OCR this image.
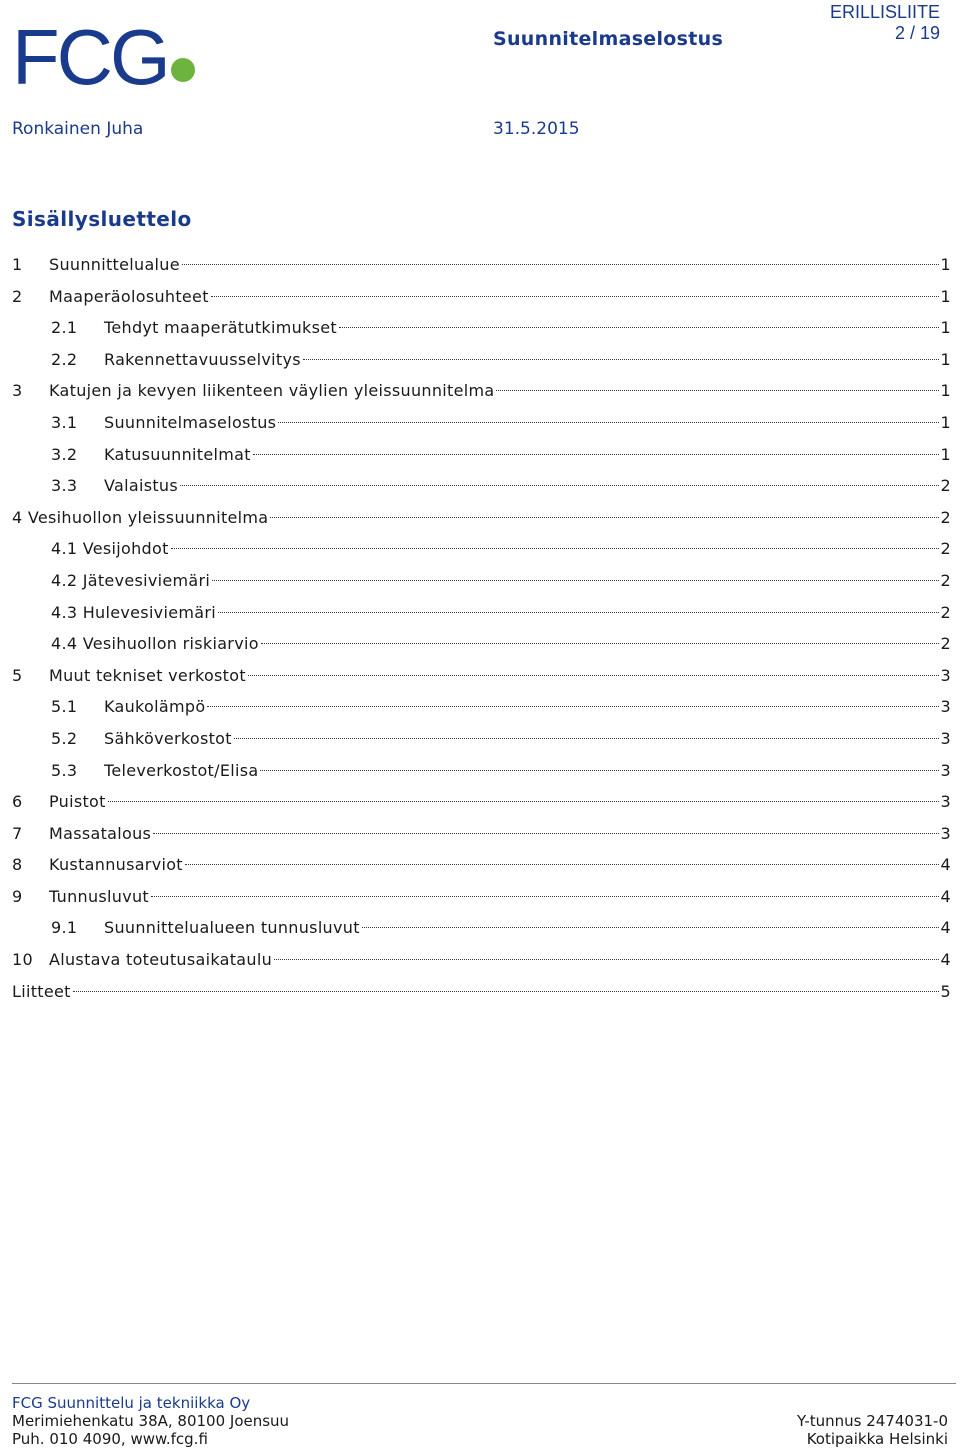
FCG	Suunnitelmaselostus
ERILLISLIITE
2 / 19
Ronkainen Juha	31.5.2015
Sisällysluettelo
1	Suunnittelualue	1
2	Maaperäolosuhteet	1
2.1	Tehdyt maaperätutkimukset	1
2.2	Rakennettavuusselvitys	1
3	Katujen ja kevyen liikenteen väylien yleissuunnitelma	1
3.1	Suunnitelmaselostus	1
3.2	Katusuunnitelmat	1
3.3	Valaistus	2
4 Vesihuollon yleissuunnitelma	2
4.1 Vesijohdot	2
4.2 Jätevesiviemäri	2
4.3 Hulevesiviemäri	2
4.4 Vesihuollon riskiarvio	2
5	Muut tekniset verkostot	3
5.1	Kaukolämpö	3
5.2	Sähköverkostot	3
5.3	Televerkostot/Elisa	3
6	Puistot	3
7	Massatalous	3
8	Kustannusarviot	4
9	Tunnusluvut	4
9.1	Suunnittelualueen tunnusluvut	4
10	Alustava toteutusaikataulu	4
Liitteet	5
FCG Suunnittelu ja tekniikka Oy
Merimiehenkatu 38A, 80100 Joensuu
Puh. 010 4090, www.fcg.fi
Y-tunnus 2474031-0
Kotipaikka Helsinki
